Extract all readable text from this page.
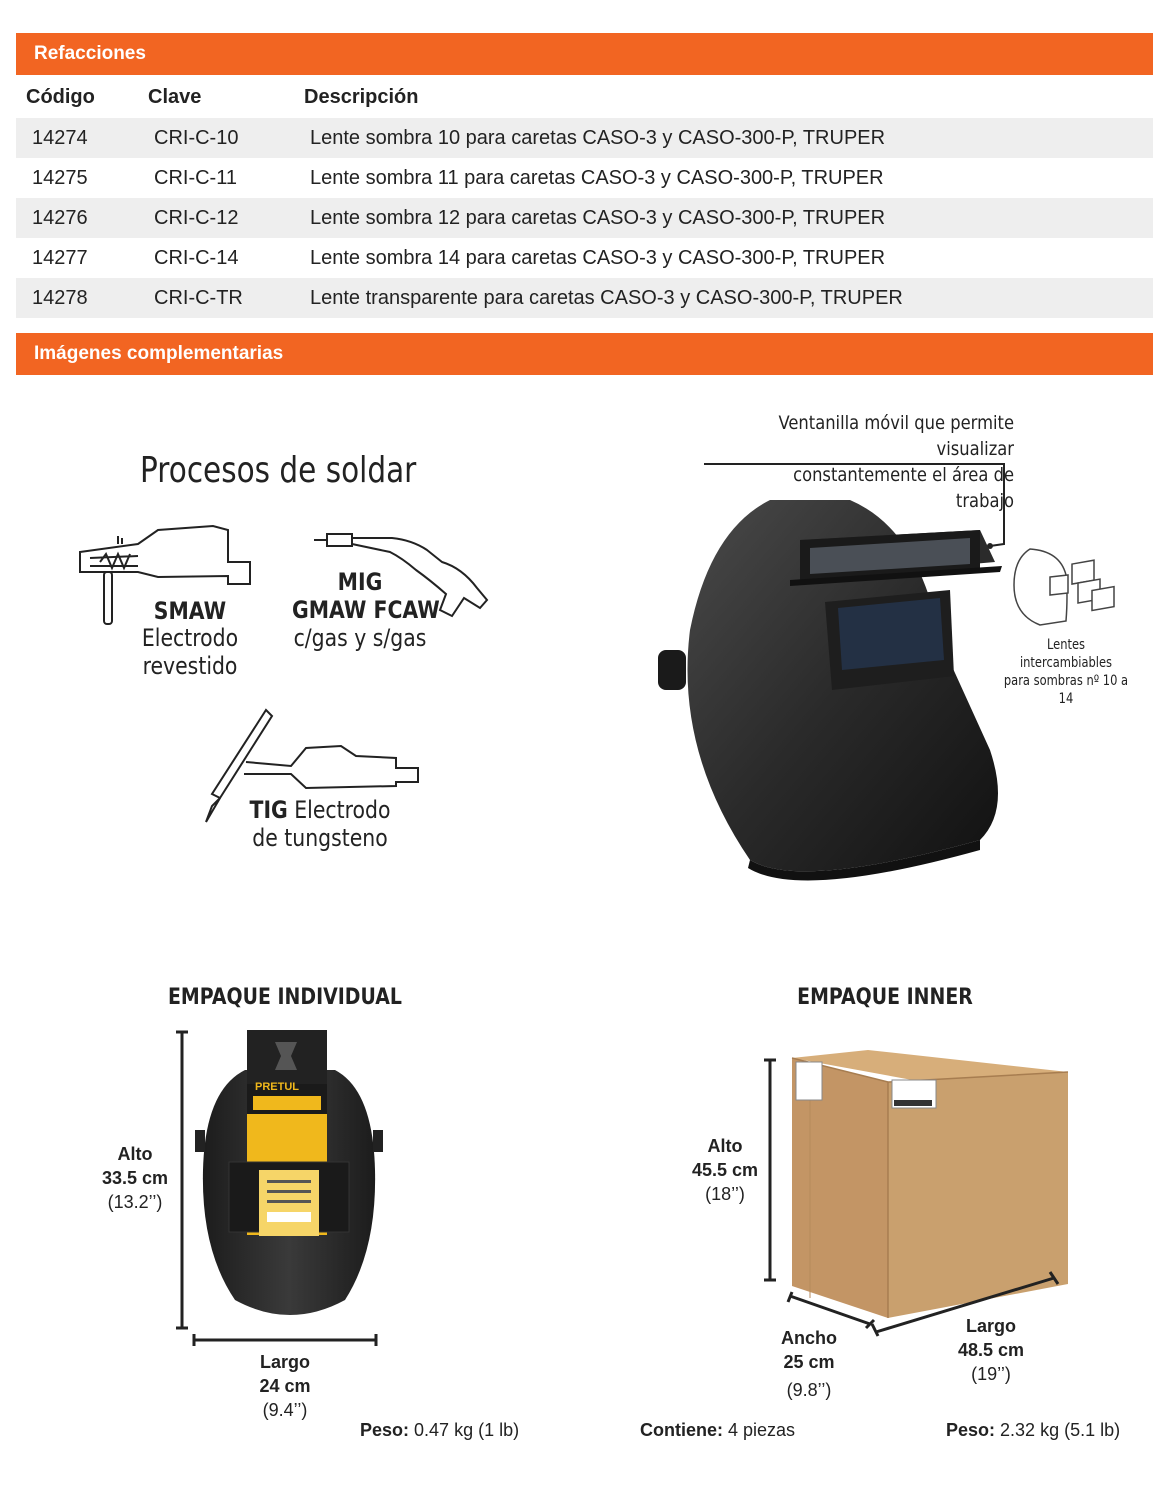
Refacciones
Código	Clave	Descripción
14274	CRI-C-10	Lente sombra 10 para caretas CASO-3 y CASO-300-P, TRUPER
14275	CRI-C-11	Lente sombra 11 para caretas CASO-3 y CASO-300-P, TRUPER
14276	CRI-C-12	Lente sombra 12 para caretas CASO-3 y CASO-300-P, TRUPER
14277	CRI-C-14	Lente sombra 14 para caretas CASO-3 y CASO-300-P, TRUPER
14278	CRI-C-TR	Lente transparente para caretas CASO-3 y CASO-300-P, TRUPER
Imágenes complementarias
Procesos de soldar
SMAW
Electrodo
revestido
MIG
GMAW FCAW
c/gas y s/gas
TIG Electrodo
de tungsteno
Ventanilla móvil que permite visualizar
constantemente el área de trabajo
Lentes intercambiables
para sombras nº 10 a 14
EMPAQUE INDIVIDUAL
Alto
33.5 cm
(13.2’’)
PRETUL
Largo
24 cm
(9.4’’)
Peso: 0.47 kg (1 lb)
EMPAQUE INNER
Alto
45.5 cm
(18’’)
Ancho
25 cm
(9.8’’)
Largo
48.5 cm
(19’’)
Contiene: 4 piezas	Peso: 2.32 kg (5.1 lb)
